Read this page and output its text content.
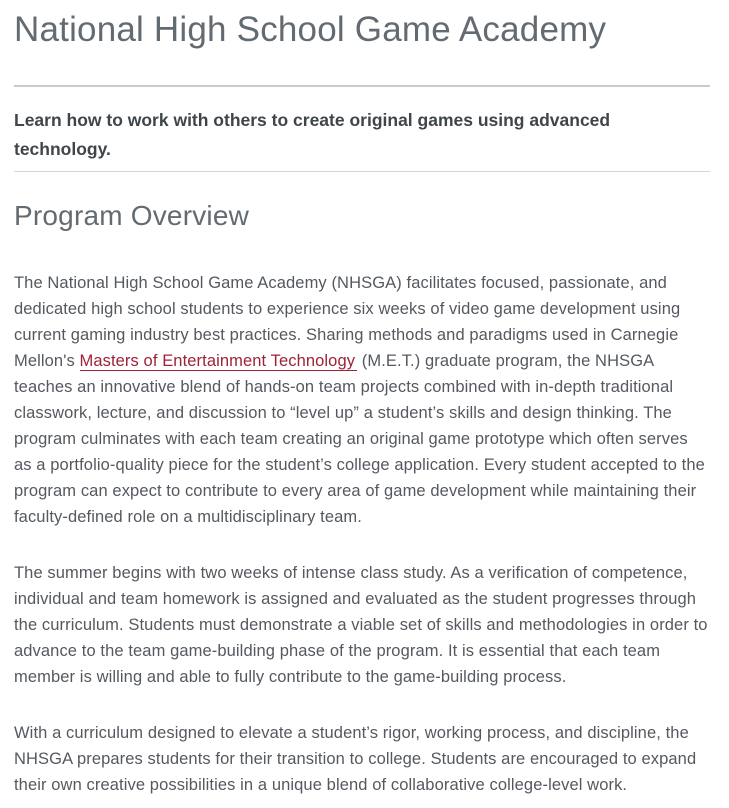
National High School Game Academy

Learn how to work with others to create original games using advanced technology.

Program Overview

The National High School Game Academy (NHSGA) facilitates focused, passionate, and dedicated high school students to experience six weeks of video game development using current gaming industry best practices. Sharing methods and paradigms used in Carnegie Mellon's Masters of Entertainment Technology (M.E.T.) graduate program, the NHSGA teaches an innovative blend of hands-on team projects combined with in-depth traditional classwork, lecture, and discussion to “level up” a student’s skills and design thinking. The program culminates with each team creating an original game prototype which often serves as a portfolio-quality piece for the student’s college application. Every student accepted to the program can expect to contribute to every area of game development while maintaining their faculty-defined role on a multidisciplinary team.

The summer begins with two weeks of intense class study. As a verification of competence, individual and team homework is assigned and evaluated as the student progresses through the curriculum. Students must demonstrate a viable set of skills and methodologies in order to advance to the team game-building phase of the program. It is essential that each team member is willing and able to fully contribute to the game-building process.

With a curriculum designed to elevate a student’s rigor, working process, and discipline, the NHSGA prepares students for their transition to college. Students are encouraged to expand their own creative possibilities in a unique blend of collaborative college-level work.
